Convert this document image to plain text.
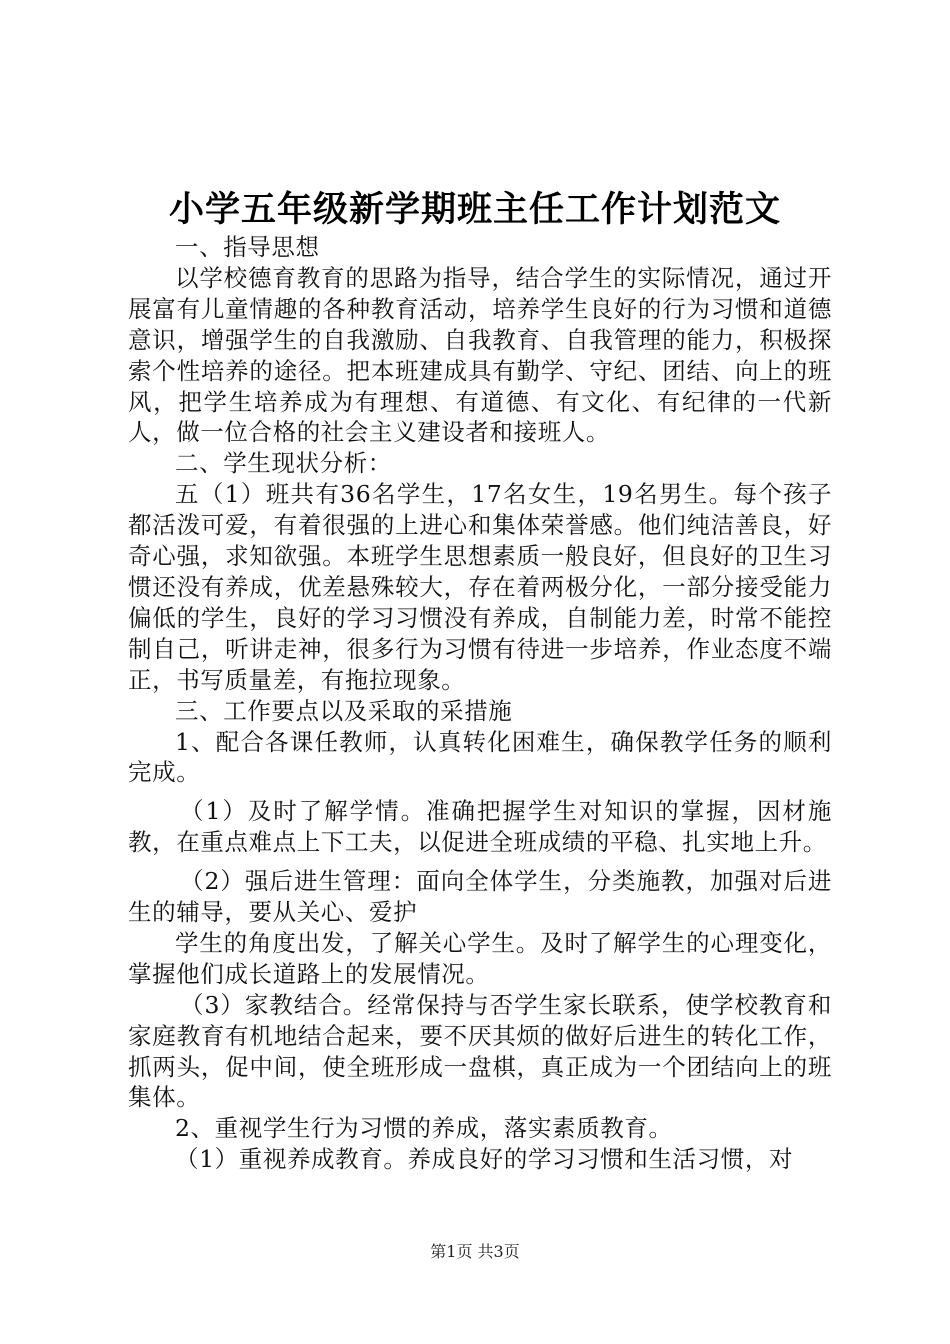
小学五年级新学期班主任工作计划范文

一、指导思想

以学校德育教育的思路为指导，结合学生的实际情况，通过开展富有儿童情趣的各种教育活动，培养学生良好的行为习惯和道德意识，增强学生的自我激励、自我教育、自我管理的能力，积极探索个性培养的途径。把本班建成具有勤学、守纪、团结、向上的班风，把学生培养成为有理想、有道德、有文化、有纪律的一代新人，做一位合格的社会主义建设者和接班人。

二、学生现状分析：

五（1）班共有36名学生，17名女生，19名男生。每个孩子都活泼可爱，有着很强的上进心和集体荣誉感。他们纯洁善良，好奇心强，求知欲强。本班学生思想素质一般良好，但良好的卫生习惯还没有养成，优差悬殊较大，存在着两极分化，一部分接受能力偏低的学生，良好的学习习惯没有养成，自制能力差，时常不能控制自己，听讲走神，很多行为习惯有待进一步培养，作业态度不端正，书写质量差，有拖拉现象。

三、工作要点以及采取的采措施

1、配合各课任教师，认真转化困难生，确保教学任务的顺利完成。

（1）及时了解学情。准确把握学生对知识的掌握，因材施教，在重点难点上下工夫，以促进全班成绩的平稳、扎实地上升。

（2）强后进生管理：面向全体学生，分类施教，加强对后进生的辅导，要从关心、爱护

学生的角度出发，了解关心学生。及时了解学生的心理变化，掌握他们成长道路上的发展情况。

（3）家教结合。经常保持与否学生家长联系，使学校教育和家庭教育有机地结合起来，要不厌其烦的做好后进生的转化工作，抓两头，促中间，使全班形成一盘棋，真正成为一个团结向上的班集体。

2、重视学生行为习惯的养成，落实素质教育。

（1）重视养成教育。养成良好的学习习惯和生活习惯，对

第1页 共3页
